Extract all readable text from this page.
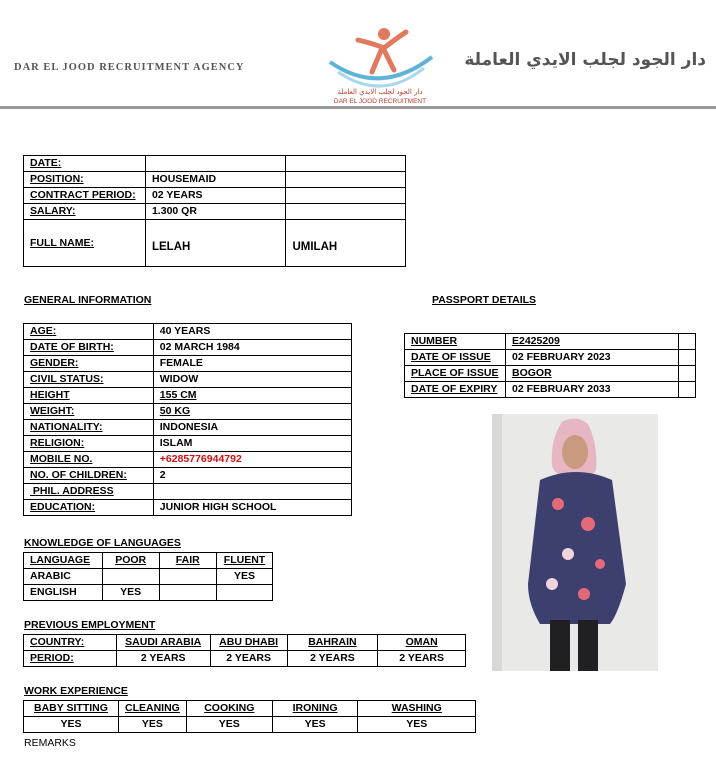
DAR EL JOOD RECRUITMENT AGENCY
دار الجود لجلب الايدي العاملة
DAR EL JOOD RECRUITMENT
دار الجود لجلب الايدي العاملة
DATE:		
POSITION:	HOUSEMAID	
CONTRACT PERIOD:	02 YEARS	
SALARY:	1.300 QR	
FULL NAME:	LELAH	UMILAH
GENERAL INFORMATION	PASSPORT DETAILS
AGE:	40 YEARS
DATE OF BIRTH:	02 MARCH 1984
GENDER:	FEMALE
CIVIL STATUS:	WIDOW
HEIGHT	155 CM
WEIGHT:	50 KG
NATIONALITY:	INDONESIA
RELIGION:	ISLAM
MOBILE NO.	+6285776944792
NO. OF CHILDREN:	2
PHIL. ADDRESS	
EDUCATION:	JUNIOR HIGH SCHOOL
NUMBER	E2425209	
DATE OF ISSUE	02 FEBRUARY 2023	
PLACE OF ISSUE	BOGOR	
DATE OF EXPIRY	02 FEBRUARY 2033	
KNOWLEDGE OF LANGUAGES
LANGUAGE	POOR	FAIR	FLUENT
ARABIC			YES
ENGLISH	YES		
PREVIOUS EMPLOYMENT
COUNTRY:	SAUDI ARABIA	ABU DHABI	BAHRAIN	OMAN
PERIOD:	2 YEARS	2 YEARS	2 YEARS	2 YEARS
WORK EXPERIENCE
BABY SITTING	CLEANING	COOKING	IRONING	WASHING
YES	YES	YES	YES	YES
REMARKS
